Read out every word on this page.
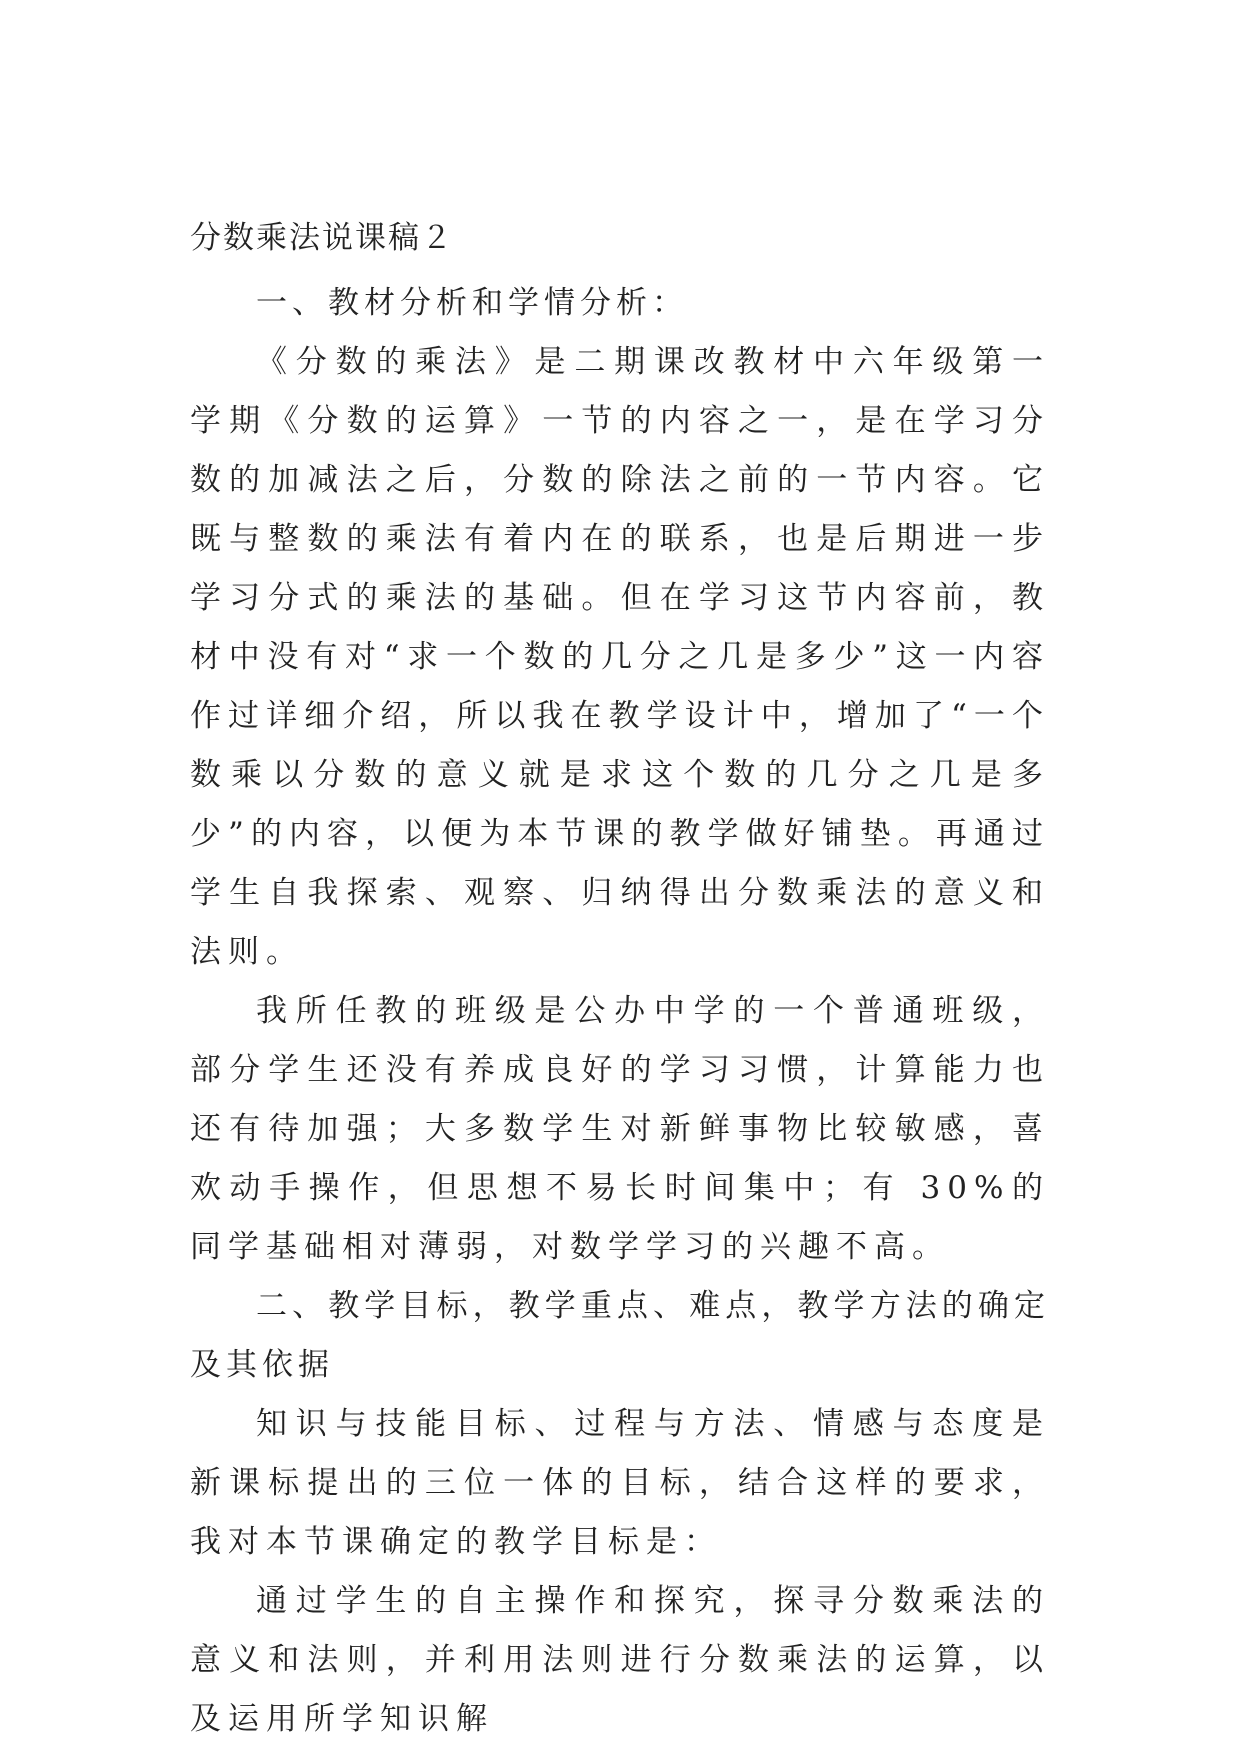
分数乘法说课稿２

一、教材分析和学情分析：

《分数的乘法》是二期课改教材中六年级第一学期《分数的运算》一节的内容之一，是在学习分数的加减法之后，分数的除法之前的一节内容。它既与整数的乘法有着内在的联系，也是后期进一步学习分式的乘法的基础。但在学习这节内容前，教材中没有对“求一个数的几分之几是多少”这一内容作过详细介绍，所以我在教学设计中，增加了“一个数乘以分数的意义就是求这个数的几分之几是多少”的内容，以便为本节课的教学做好铺垫。再通过学生自我探索、观察、归纳得出分数乘法的意义和法则。

我所任教的班级是公办中学的一个普通班级，部分学生还没有养成良好的学习习惯，计算能力也还有待加强；大多数学生对新鲜事物比较敏感，喜欢动手操作，但思想不易长时间集中；有 30%的同学基础相对薄弱，对数学学习的兴趣不高。

二、教学目标，教学重点、难点，教学方法的确定及其依据

知识与技能目标、过程与方法、情感与态度是新课标提出的三位一体的目标，结合这样的要求，我对本节课确定的教学目标是：

通过学生的自主操作和探究，探寻分数乘法的意义和法则，并利用法则进行分数乘法的运算，以及运用所学知识解
